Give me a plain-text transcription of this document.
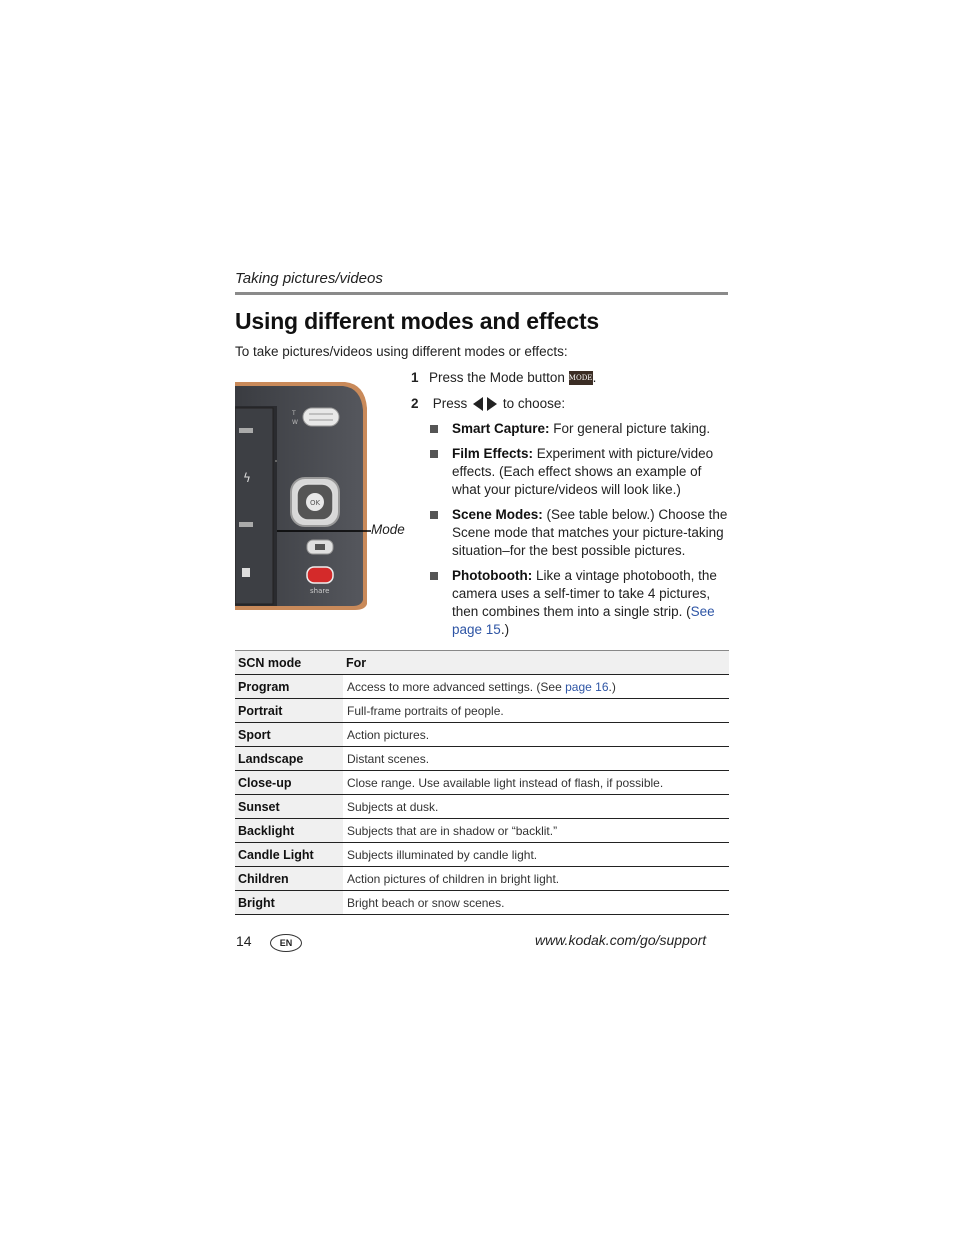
Taking pictures/videos
Using different modes and effects
To take pictures/videos using different modes or effects:
ϟ
T
W
OK
share
Mode
1 Press the Mode button MODE.
2 Press	to choose:
Smart Capture: For general picture taking.
Film Effects: Experiment with picture/video effects. (Each effect shows an example of what your picture/videos will look like.)
Scene Modes: (See table below.) Choose the Scene mode that matches your picture-taking situation–for the best possible pictures.
Photobooth: Like a vintage photobooth, the camera uses a self-timer to take 4 pictures, then combines them into a single strip. (See page 15.)
SCN mode	For
Program	Access to more advanced settings. (See page 16.)
Portrait	Full-frame portraits of people.
Sport	Action pictures.
Landscape	Distant scenes.
Close-up	Close range. Use available light instead of flash, if possible.
Sunset	Subjects at dusk.
Backlight	Subjects that are in shadow or “backlit.”
Candle Light	Subjects illuminated by candle light.
Children	Action pictures of children in bright light.
Bright	Bright beach or snow scenes.
14	EN	www.kodak.com/go/support
